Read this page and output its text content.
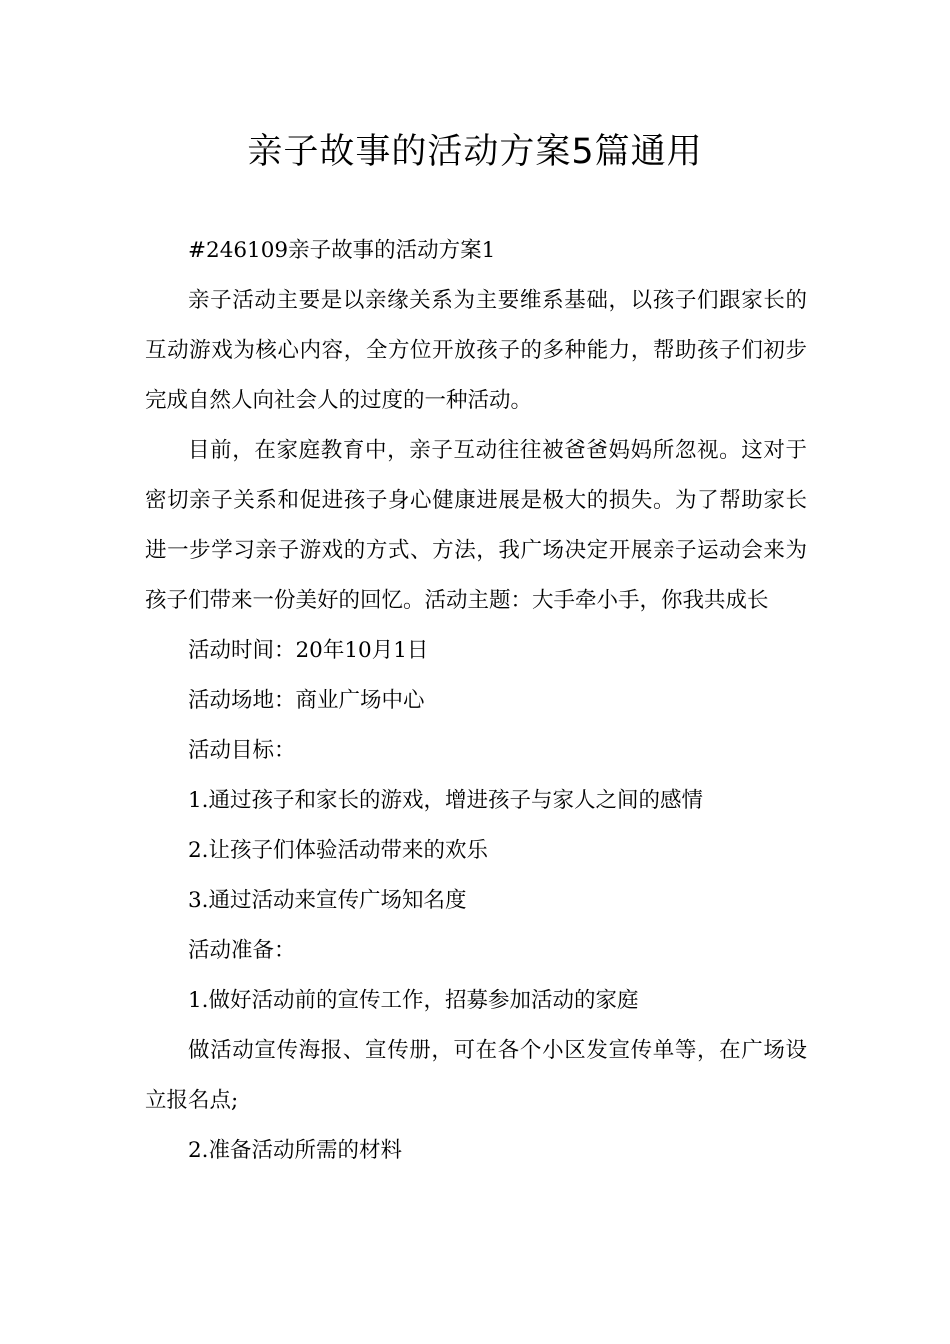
亲子故事的活动方案5篇通用

#246109亲子故事的活动方案1

亲子活动主要是以亲缘关系为主要维系基础，以孩子们跟家长的互动游戏为核心内容，全方位开放孩子的多种能力，帮助孩子们初步完成自然人向社会人的过度的一种活动。

目前，在家庭教育中，亲子互动往往被爸爸妈妈所忽视。这对于密切亲子关系和促进孩子身心健康进展是极大的损失。为了帮助家长进一步学习亲子游戏的方式、方法，我广场决定开展亲子运动会来为孩子们带来一份美好的回忆。活动主题：大手牵小手，你我共成长

活动时间：20年10月1日

活动场地：商业广场中心

活动目标：

1.通过孩子和家长的游戏，增进孩子与家人之间的感情

2.让孩子们体验活动带来的欢乐

3.通过活动来宣传广场知名度

活动准备：

1.做好活动前的宣传工作，招募参加活动的家庭

做活动宣传海报、宣传册，可在各个小区发宣传单等，在广场设立报名点;

2.准备活动所需的材料
